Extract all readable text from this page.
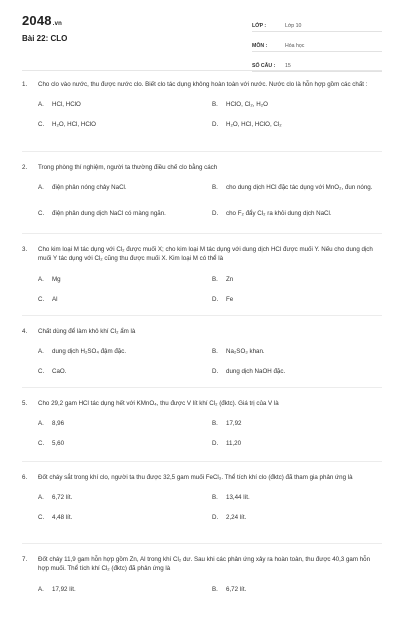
2048.vn
Bài 22: CLO
LỚP :	Lớp 10
MÔN :	Hóa học
SỐ CÂU :	15
1. Cho clo vào nước, thu được nước clo. Biết clo tác dụng không hoàn toàn với nước. Nước clo là hỗn hợp gồm các chất :
A. HCl, HClO	B. HClO, Cl₂, H₂O
C. H₂O, HCl, HClO	D. H₂O, HCl, HClO, Cl₂
2. Trong phòng thí nghiệm, người ta thường điều chế clo bằng cách
A. điện phân nóng chảy NaCl.	B. cho dung dịch HCl đặc tác dụng với MnO₂, đun nóng.
C. điện phân dung dịch NaCl có màng ngăn.	D. cho F₂ đẩy Cl₂ ra khỏi dung dịch NaCl.
3. Cho kim loại M tác dụng với Cl₂ được muối X; cho kim loại M tác dụng với dung dịch HCl được muối Y. Nếu cho dung dịch muối Y tác dụng với Cl₂ cũng thu được muối X. Kim loại M có thể là
A. Mg	B. Zn
C. Al	D. Fe
4. Chất dùng để làm khô khí Cl₂ ẩm là
A. dung dịch H₂SO₄ đậm đặc.	B. Na₂SO₃ khan.
C. CaO.	D. dung dịch NaOH đặc.
5. Cho 29,2 gam HCl tác dụng hết với KMnO₄, thu được V lít khí Cl₂ (đktc). Giá trị của V là
A. 8,96	B. 17,92
C. 5,60	D. 11,20
6. Đốt cháy sắt trong khí clo, người ta thu được 32,5 gam muối FeCl₃. Thể tích khí clo (đktc) đã tham gia phản ứng là
A. 6,72 lít.	B. 13,44 lít.
C. 4,48 lít.	D. 2,24 lít.
7. Đốt cháy 11,9 gam hỗn hợp gồm Zn, Al trong khí Cl₂ dư. Sau khi các phản ứng xảy ra hoàn toàn, thu được 40,3 gam hỗn hợp muối. Thể tích khí Cl₂ (đktc) đã phản ứng là
A. 17,92 lít.	B. 6,72 lít.
